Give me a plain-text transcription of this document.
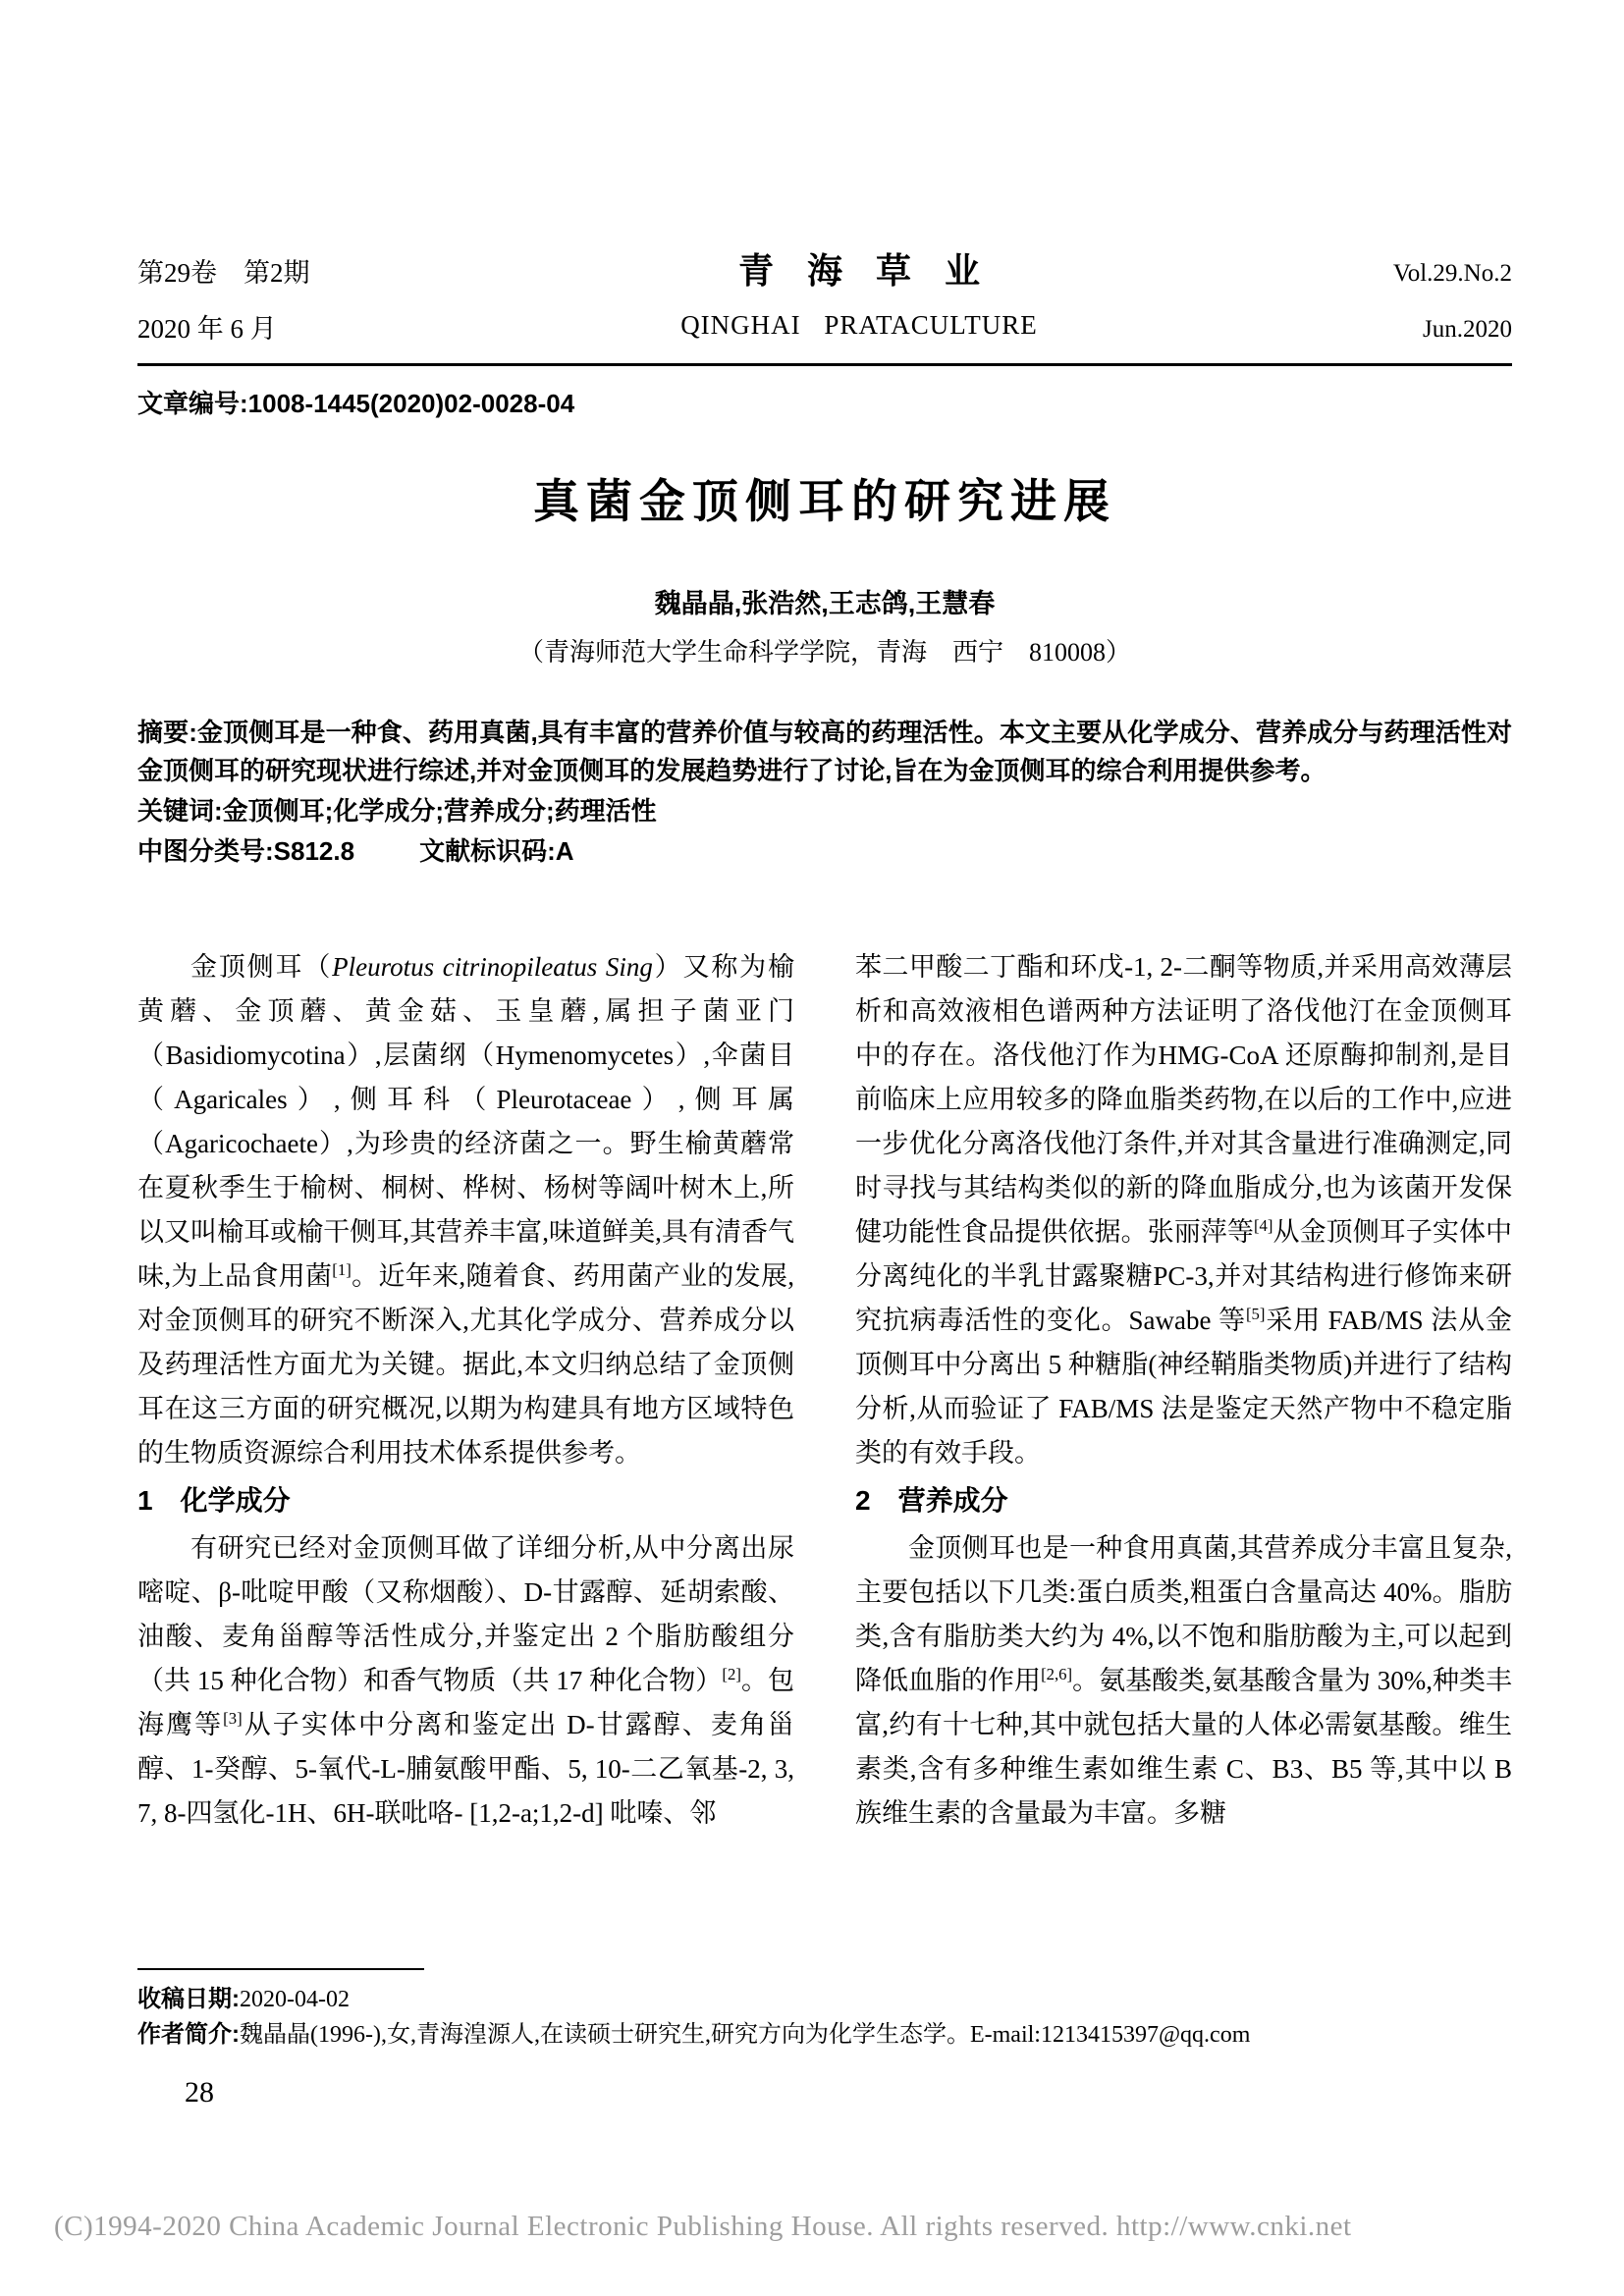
第29卷　第2期
2020 年 6 月
青海草业
QINGHAI PRATACULTURE
Vol.29.No.2
Jun.2020
文章编号:1008-1445(2020)02-0028-04
真菌金顶侧耳的研究进展
魏晶晶,张浩然,王志鸽,王慧春
（青海师范大学生命科学学院，青海　西宁　810008）
摘要:金顶侧耳是一种食、药用真菌,具有丰富的营养价值与较高的药理活性。本文主要从化学成分、营养成分与药理活性对金顶侧耳的研究现状进行综述,并对金顶侧耳的发展趋势进行了讨论,旨在为金顶侧耳的综合利用提供参考。
关键词:金顶侧耳;化学成分;营养成分;药理活性
中图分类号:S812.8	文献标识码:A
金顶侧耳（Pleurotus citrinopileatus Sing）又称为榆黄蘑、金顶蘑、黄金菇、玉皇蘑,属担子菌亚门（Basidiomycotina）,层菌纲（Hymenomycetes）,伞菌目（Agaricales）,侧耳科（Pleurotaceae）,侧耳属（Agaricochaete）,为珍贵的经济菌之一。野生榆黄蘑常在夏秋季生于榆树、桐树、桦树、杨树等阔叶树木上,所以又叫榆耳或榆干侧耳,其营养丰富,味道鲜美,具有清香气味,为上品食用菌[1]。近年来,随着食、药用菌产业的发展,对金顶侧耳的研究不断深入,尤其化学成分、营养成分以及药理活性方面尤为关键。据此,本文归纳总结了金顶侧耳在这三方面的研究概况,以期为构建具有地方区域特色的生物质资源综合利用技术体系提供参考。
1　化学成分
有研究已经对金顶侧耳做了详细分析,从中分离出尿嘧啶、β-吡啶甲酸（又称烟酸）、D-甘露醇、延胡索酸、油酸、麦角甾醇等活性成分,并鉴定出 2 个脂肪酸组分（共 15 种化合物）和香气物质（共 17 种化合物）[2]。包海鹰等[3]从子实体中分离和鉴定出 D-甘露醇、麦角甾醇、1-癸醇、5-氧代-L-脯氨酸甲酯、5, 10-二乙氧基-2, 3, 7, 8-四氢化-1H、6H-联吡咯- [1,2-a;1,2-d] 吡嗪、邻
苯二甲酸二丁酯和环戊-1, 2-二酮等物质,并采用高效薄层析和高效液相色谱两种方法证明了洛伐他汀在金顶侧耳中的存在。洛伐他汀作为HMG-CoA 还原酶抑制剂,是目前临床上应用较多的降血脂类药物,在以后的工作中,应进一步优化分离洛伐他汀条件,并对其含量进行准确测定,同时寻找与其结构类似的新的降血脂成分,也为该菌开发保健功能性食品提供依据。张丽萍等[4]从金顶侧耳子实体中分离纯化的半乳甘露聚糖PC-3,并对其结构进行修饰来研究抗病毒活性的变化。Sawabe 等[5]采用 FAB/MS 法从金顶侧耳中分离出 5 种糖脂(神经鞘脂类物质)并进行了结构分析,从而验证了 FAB/MS 法是鉴定天然产物中不稳定脂类的有效手段。
2　营养成分
金顶侧耳也是一种食用真菌,其营养成分丰富且复杂,主要包括以下几类:蛋白质类,粗蛋白含量高达 40%。脂肪类,含有脂肪类大约为 4%,以不饱和脂肪酸为主,可以起到降低血脂的作用[2,6]。氨基酸类,氨基酸含量为 30%,种类丰富,约有十七种,其中就包括大量的人体必需氨基酸。维生素类,含有多种维生素如维生素 C、B3、B5 等,其中以 B 族维生素的含量最为丰富。多糖
收稿日期:2020-04-02
作者简介:魏晶晶(1996-),女,青海湟源人,在读硕士研究生,研究方向为化学生态学。E-mail:1213415397@qq.com
28
(C)1994-2020 China Academic Journal Electronic Publishing House. All rights reserved. http://www.cnki.net
